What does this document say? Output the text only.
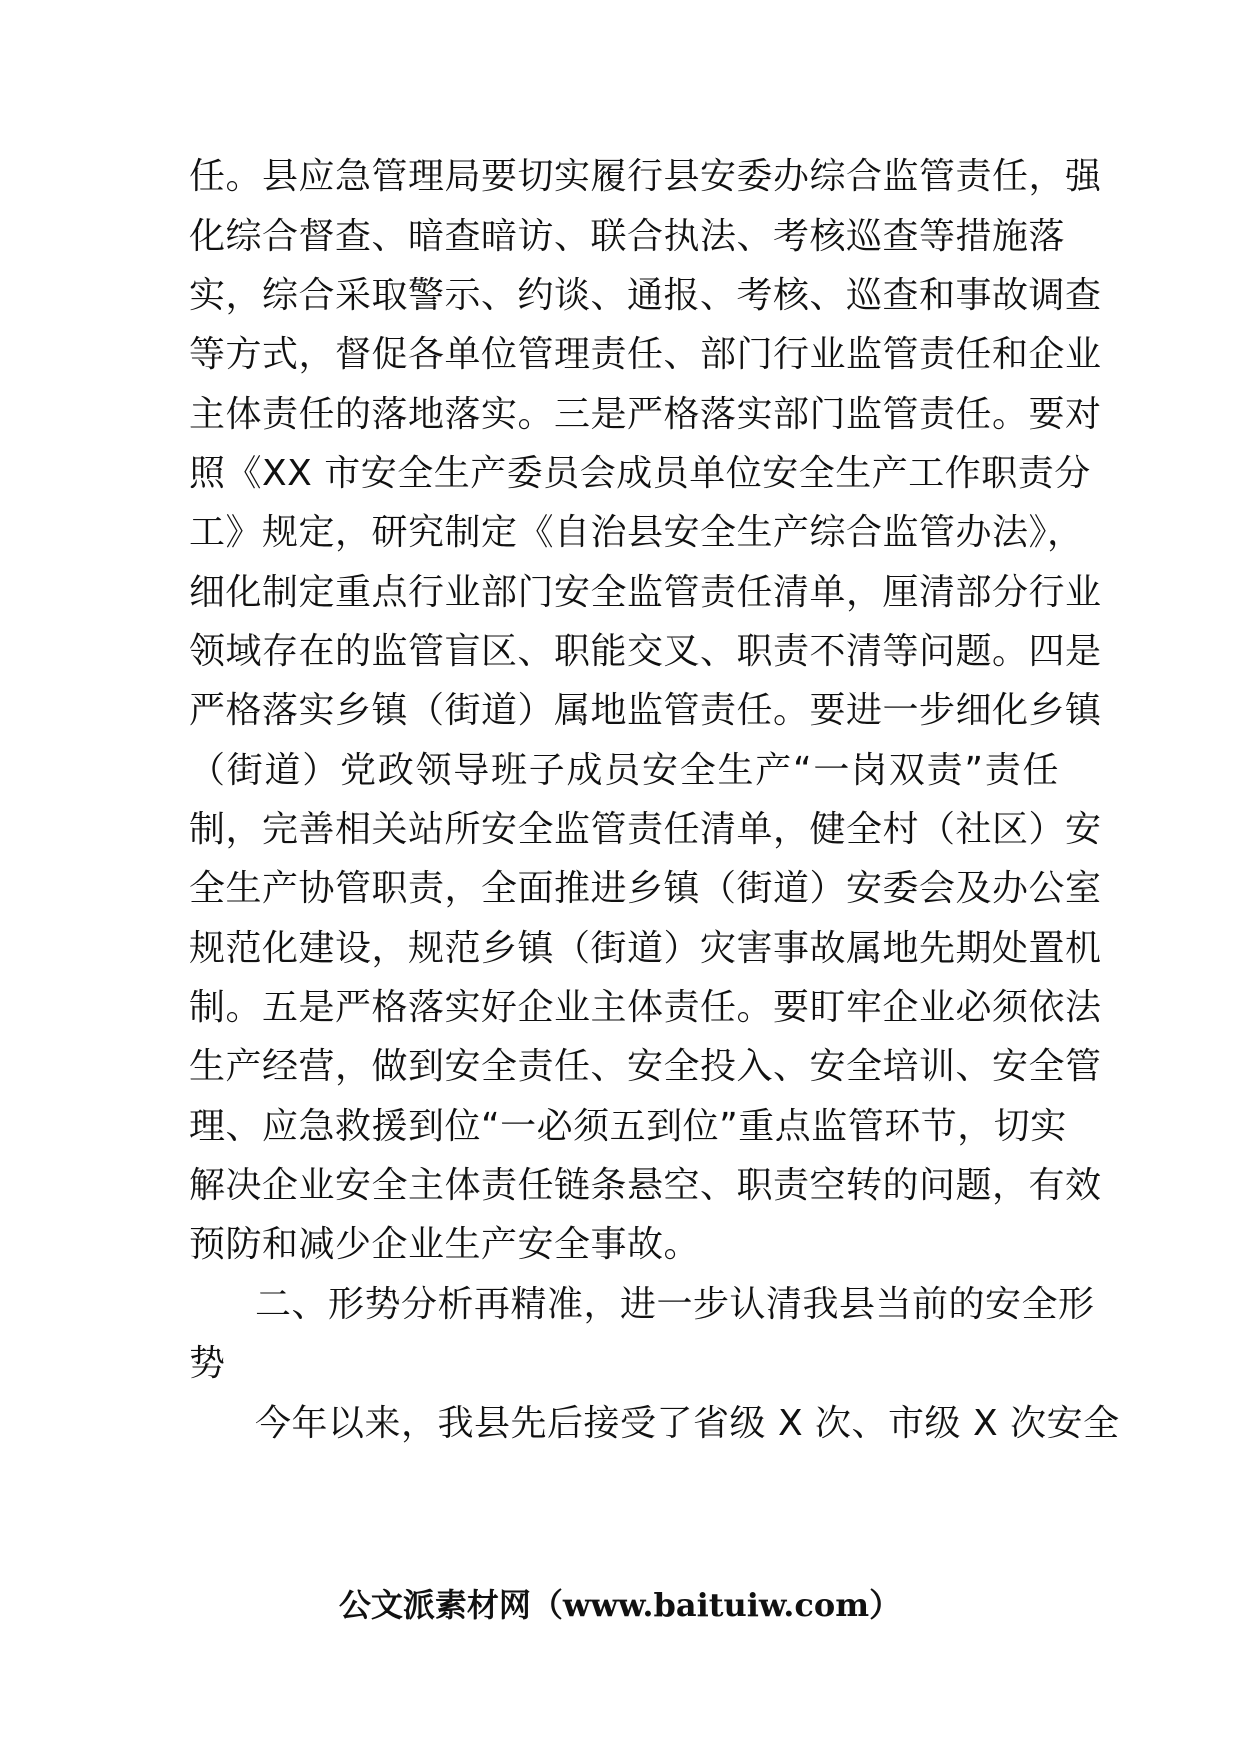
任。县应急管理局要切实履行县安委办综合监管责任，强
化综合督查、暗查暗访、联合执法、考核巡查等措施落
实，综合采取警示、约谈、通报、考核、巡查和事故调查
等方式，督促各单位管理责任、部门行业监管责任和企业
主体责任的落地落实。三是严格落实部门监管责任。要对
照《XX 市安全生产委员会成员单位安全生产工作职责分
工》规定，研究制定《自治县安全生产综合监管办法》，
细化制定重点行业部门安全监管责任清单，厘清部分行业
领域存在的监管盲区、职能交叉、职责不清等问题。四是
严格落实乡镇（街道）属地监管责任。要进一步细化乡镇
（街道）党政领导班子成员安全生产“一岗双责”责任
制，完善相关站所安全监管责任清单，健全村（社区）安
全生产协管职责，全面推进乡镇（街道）安委会及办公室
规范化建设，规范乡镇（街道）灾害事故属地先期处置机
制。五是严格落实好企业主体责任。要盯牢企业必须依法
生产经营，做到安全责任、安全投入、安全培训、安全管
理、应急救援到位“一必须五到位”重点监管环节，切实
解决企业安全主体责任链条悬空、职责空转的问题，有效
预防和减少企业生产安全事故。
二、形势分析再精准，进一步认清我县当前的安全形
势
今年以来，我县先后接受了省级 X 次、市级 X 次安全
公文派素材网（www.baituiw.com）
